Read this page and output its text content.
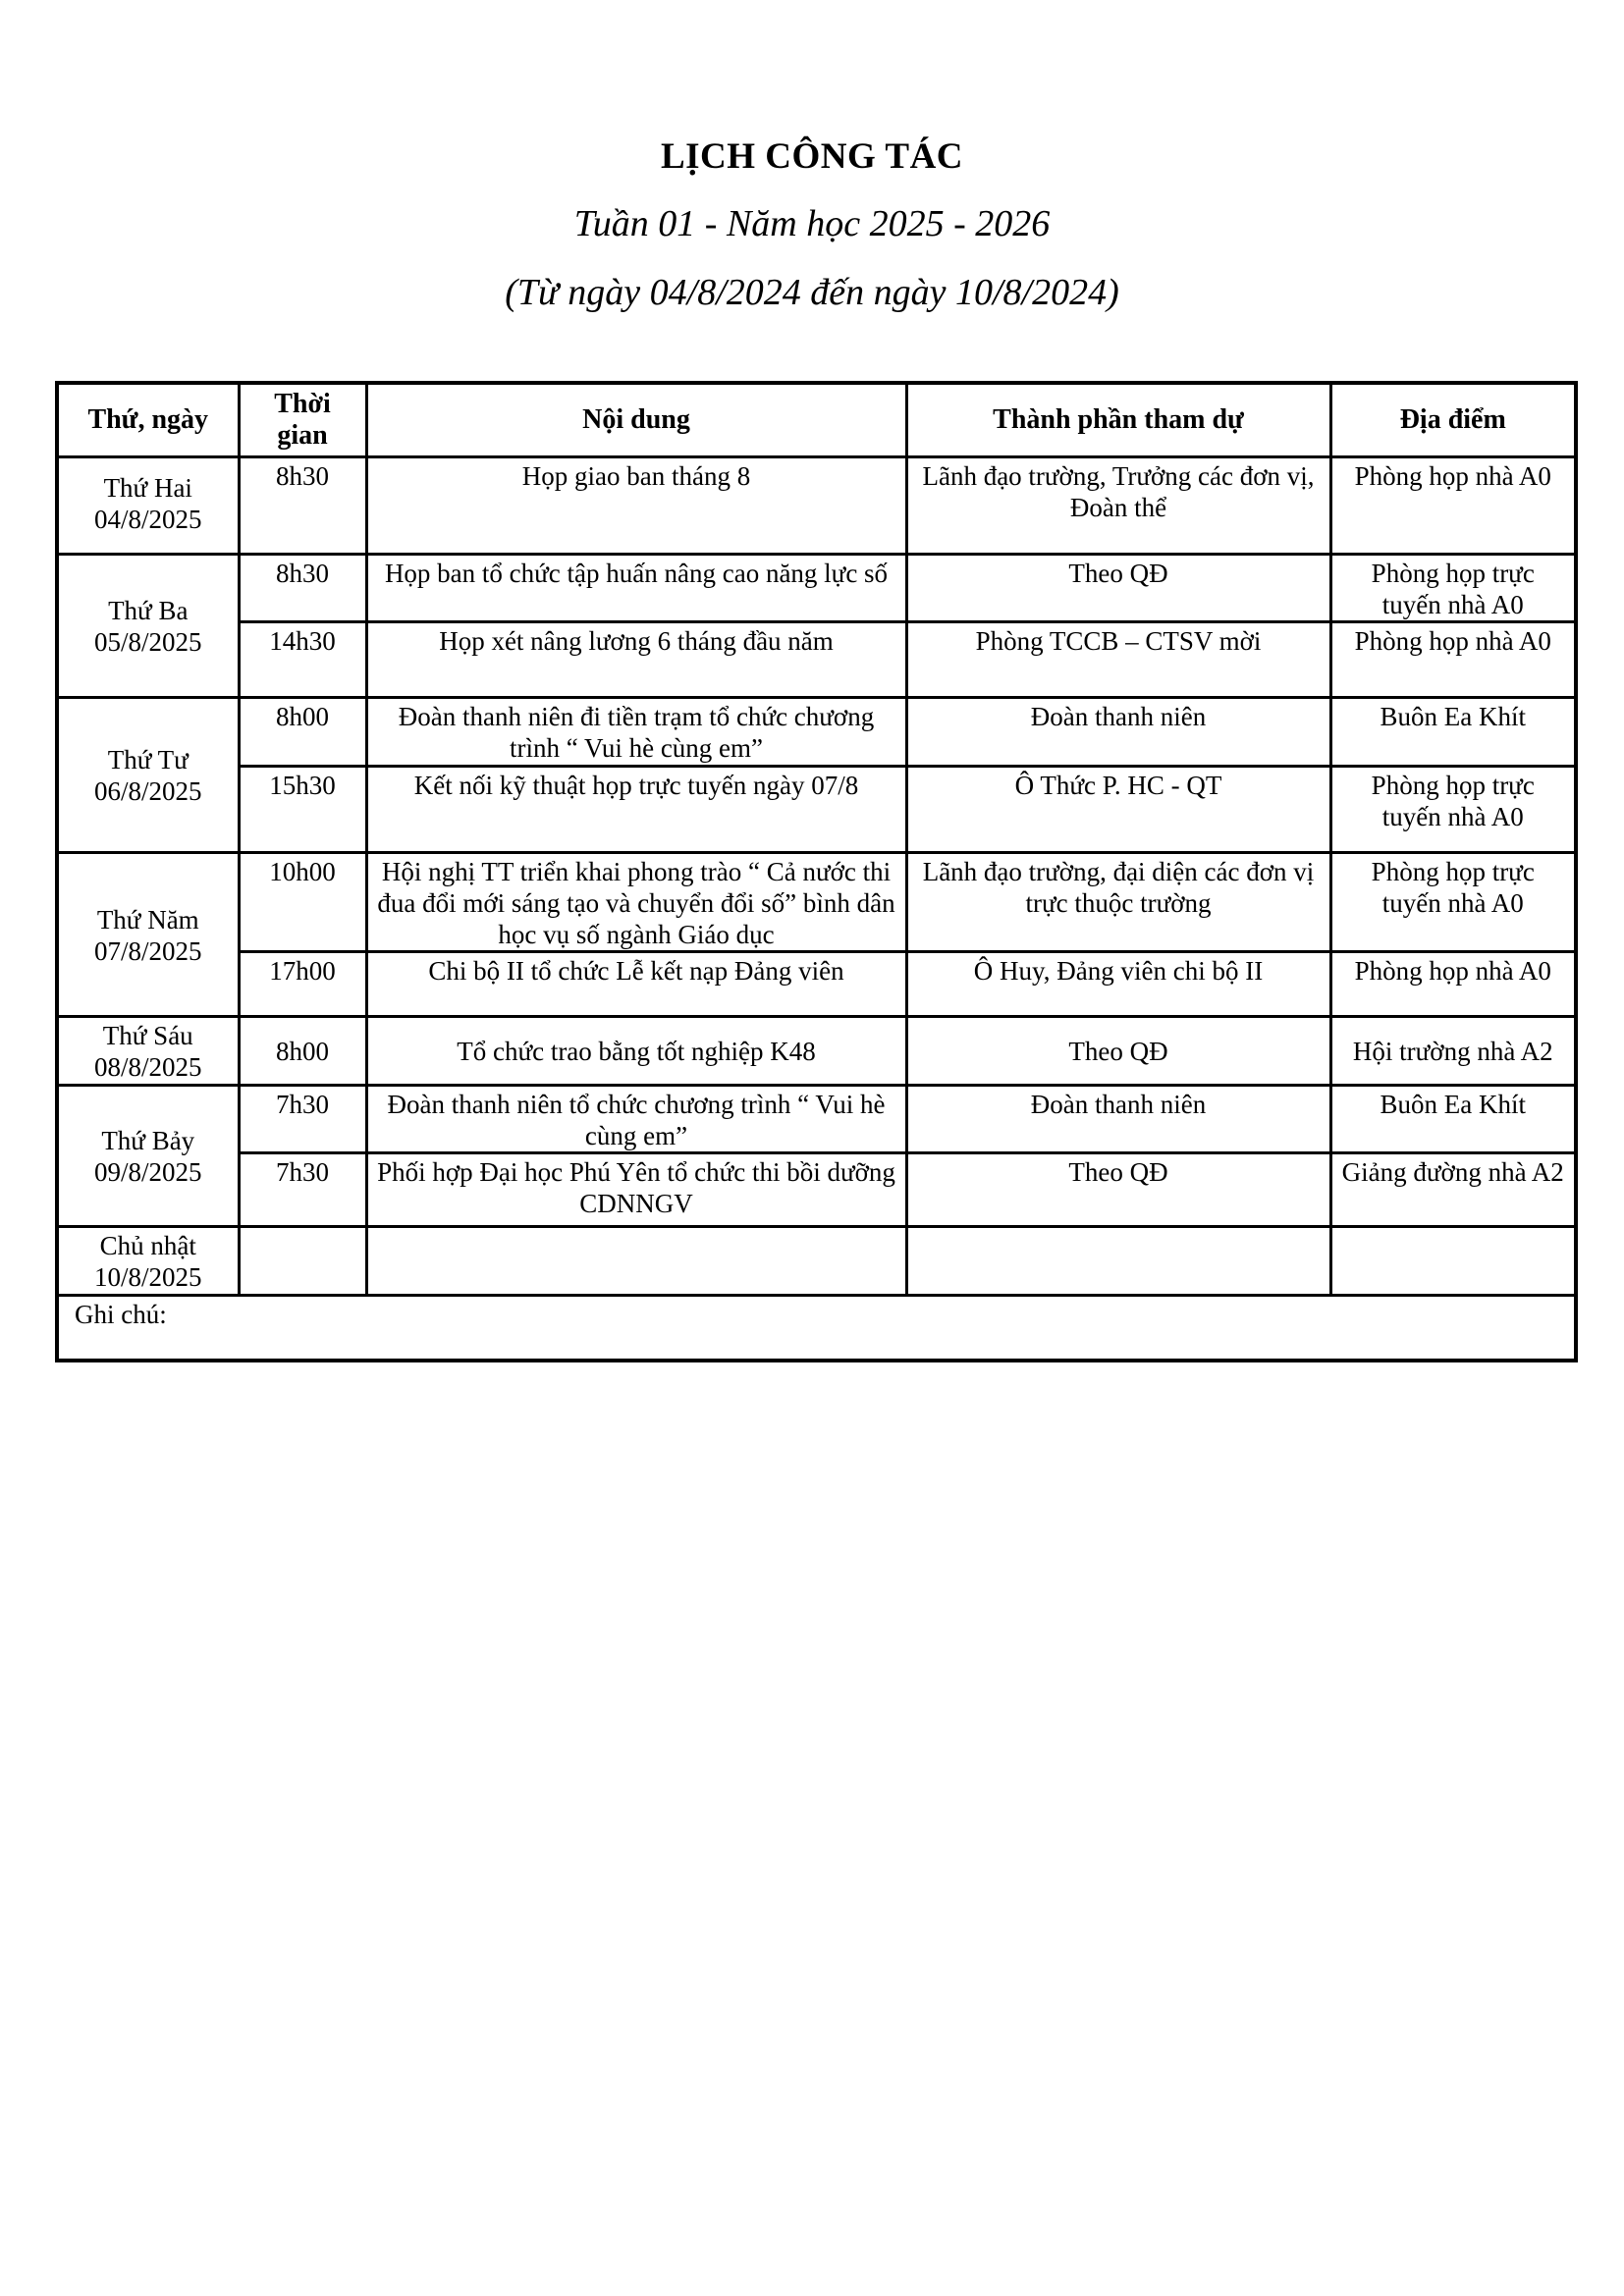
LỊCH CÔNG TÁC
Tuần 01 - Năm học 2025 - 2026
(Từ ngày 04/8/2024 đến ngày 10/8/2024)
Thứ, ngày	Thời gian	Nội dung	Thành phần tham dự	Địa điểm

Thứ Hai
04/8/2025	8h30	Họp giao ban tháng 8	Lãnh đạo trường, Trưởng các đơn vị, Đoàn thể	Phòng họp nhà A0

Thứ Ba
05/8/2025	8h30	Họp ban tổ chức tập huấn nâng cao năng lực số	Theo QĐ	Phòng họp trực tuyến nhà A0
	14h30	Họp xét nâng lương 6 tháng đầu năm	Phòng TCCB – CTSV mời	Phòng họp nhà A0

Thứ Tư
06/8/2025	8h00	Đoàn thanh niên đi tiền trạm tổ chức chương trình “ Vui hè cùng em”	Đoàn thanh niên	Buôn Ea Khít
	15h30	Kết nối kỹ thuật họp trực tuyến ngày 07/8	Ô Thức P. HC - QT	Phòng họp trực tuyến nhà A0

Thứ Năm
07/8/2025	10h00	Hội nghị TT triển khai phong trào “ Cả nước thi đua đổi mới sáng tạo và chuyển đổi số” bình dân học vụ số ngành Giáo dục	Lãnh đạo trường, đại diện các đơn vị trực thuộc trường	Phòng họp trực tuyến nhà A0
	17h00	Chi bộ II tổ chức Lễ kết nạp Đảng viên	Ô Huy, Đảng viên chi bộ II	Phòng họp nhà A0

Thứ Sáu
08/8/2025	8h00	Tổ chức trao bằng tốt nghiệp K48	Theo QĐ	Hội trường nhà A2

Thứ Bảy
09/8/2025	7h30	Đoàn thanh niên tổ chức chương trình “ Vui hè cùng em”	Đoàn thanh niên	Buôn Ea Khít
	7h30	Phối hợp Đại học Phú Yên tổ chức thi bồi dưỡng CDNNGV	Theo QĐ	Giảng đường nhà A2

Chủ nhật
10/8/2025				

Ghi chú:				
